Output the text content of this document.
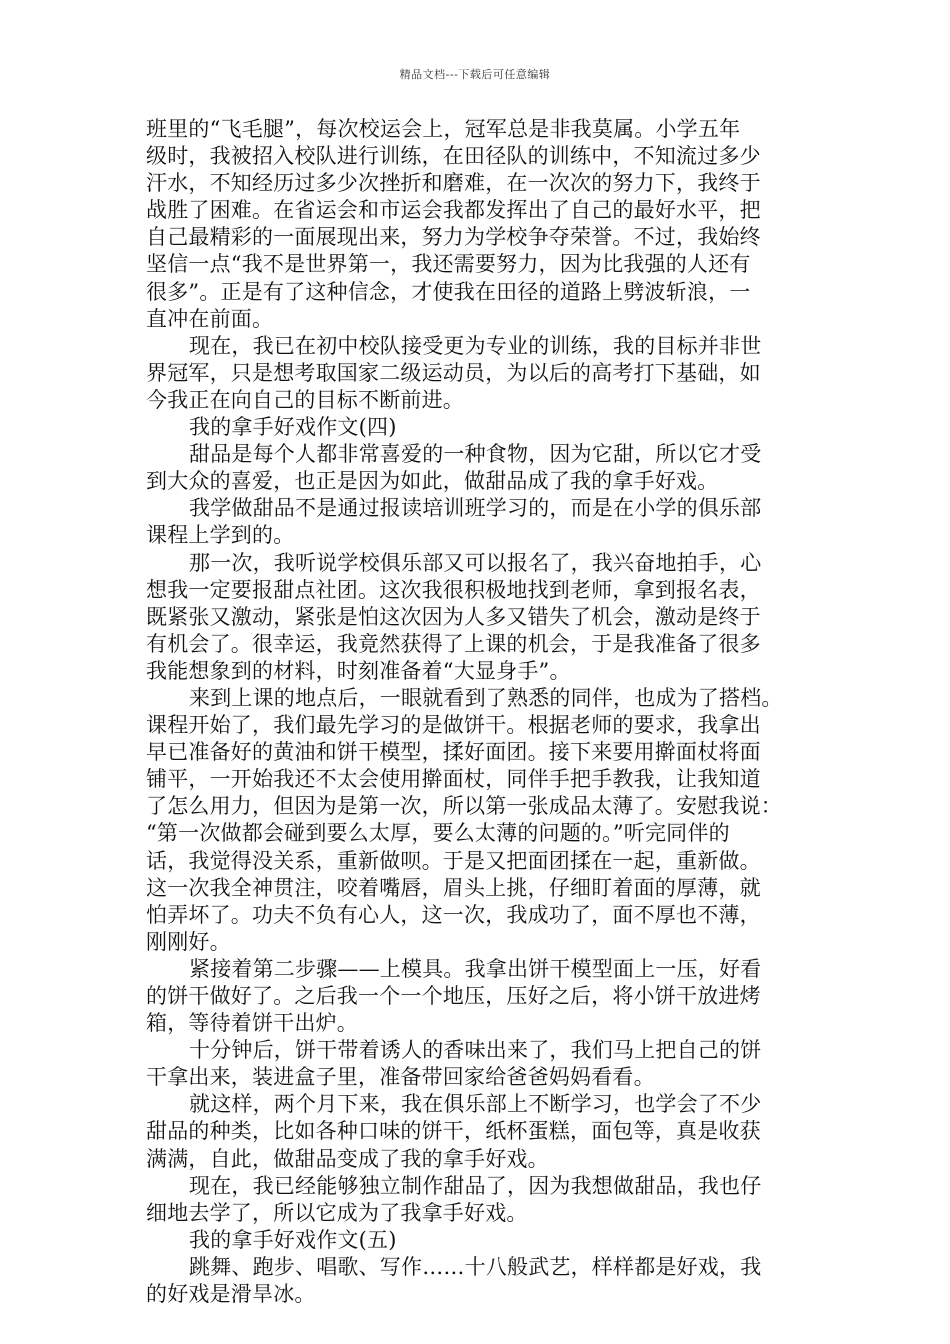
精品文档---下载后可任意编辑
班里的“飞毛腿”，每次校运会上，冠军总是非我莫属。小学五年
级时，我被招入校队进行训练，在田径队的训练中，不知流过多少
汗水，不知经历过多少次挫折和磨难，在一次次的努力下，我终于
战胜了困难。在省运会和市运会我都发挥出了自己的最好水平，把
自己最精彩的一面展现出来，努力为学校争夺荣誉。不过，我始终
坚信一点“我不是世界第一，我还需要努力，因为比我强的人还有
很多”。正是有了这种信念，才使我在田径的道路上劈波斩浪，一
直冲在前面。
现在，我已在初中校队接受更为专业的训练，我的目标并非世
界冠军，只是想考取国家二级运动员，为以后的高考打下基础，如
今我正在向自己的目标不断前进。
我的拿手好戏作文(四)
甜品是每个人都非常喜爱的一种食物，因为它甜，所以它才受
到大众的喜爱，也正是因为如此，做甜品成了我的拿手好戏。
我学做甜品不是通过报读培训班学习的，而是在小学的俱乐部
课程上学到的。
那一次，我听说学校俱乐部又可以报名了，我兴奋地拍手，心
想我一定要报甜点社团。这次我很积极地找到老师，拿到报名表，
既紧张又激动，紧张是怕这次因为人多又错失了机会，激动是终于
有机会了。很幸运，我竟然获得了上课的机会，于是我准备了很多
我能想象到的材料，时刻准备着“大显身手”。
来到上课的地点后，一眼就看到了熟悉的同伴，也成为了搭档。
课程开始了，我们最先学习的是做饼干。根据老师的要求，我拿出
早已准备好的黄油和饼干模型，揉好面团。接下来要用擀面杖将面
铺平，一开始我还不太会使用擀面杖，同伴手把手教我，让我知道
了怎么用力，但因为是第一次，所以第一张成品太薄了。安慰我说：
“第一次做都会碰到要么太厚，要么太薄的问题的。”听完同伴的
话，我觉得没关系，重新做呗。于是又把面团揉在一起，重新做。
这一次我全神贯注，咬着嘴唇，眉头上挑，仔细盯着面的厚薄，就
怕弄坏了。功夫不负有心人，这一次，我成功了，面不厚也不薄，
刚刚好。
紧接着第二步骤——上模具。我拿出饼干模型面上一压，好看
的饼干做好了。之后我一个一个地压，压好之后，将小饼干放进烤
箱，等待着饼干出炉。
十分钟后，饼干带着诱人的香味出来了，我们马上把自己的饼
干拿出来，装进盒子里，准备带回家给爸爸妈妈看看。
就这样，两个月下来，我在俱乐部上不断学习，也学会了不少
甜品的种类，比如各种口味的饼干，纸杯蛋糕，面包等，真是收获
满满，自此，做甜品变成了我的拿手好戏。
现在，我已经能够独立制作甜品了，因为我想做甜品，我也仔
细地去学了，所以它成为了我拿手好戏。
我的拿手好戏作文(五)
跳舞、跑步、唱歌、写作……十八般武艺，样样都是好戏，我
的好戏是滑旱冰。
